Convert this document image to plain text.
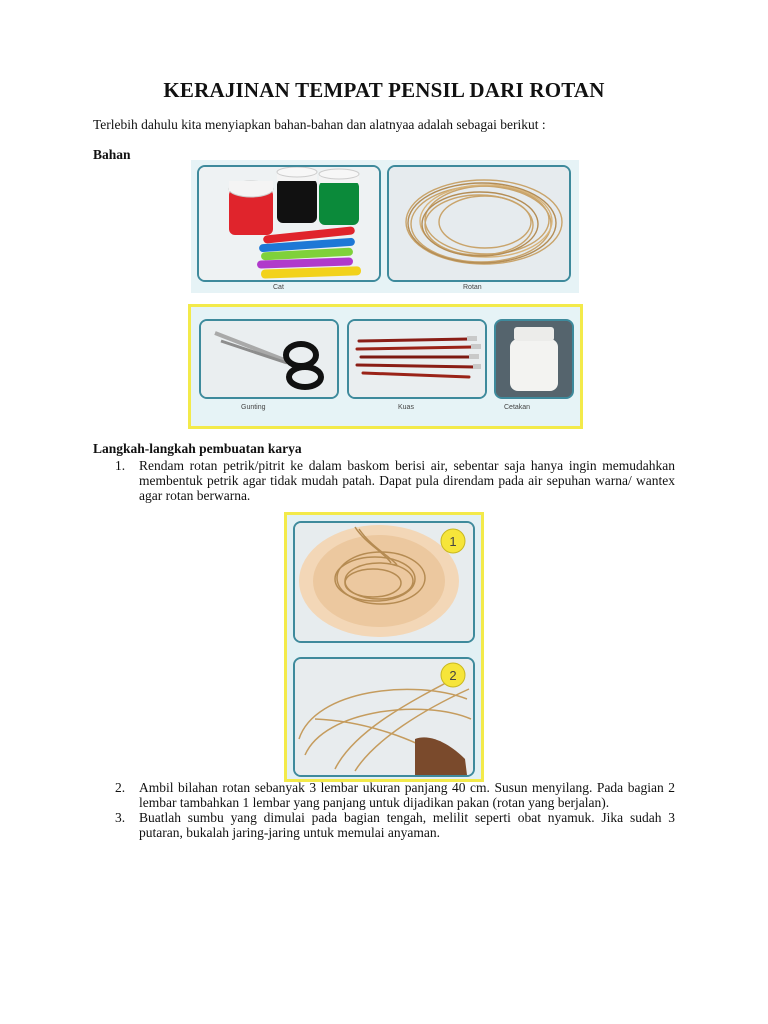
KERAJINAN TEMPAT PENSIL DARI ROTAN
Terlebih dahulu kita menyiapkan bahan-bahan dan alatnyaa adalah sebagai berikut :
Bahan
Cat	Rotan
Gunting	Kuas	Cetakan
Langkah-langkah pembuatan karya
1. Rendam rotan petrik/pitrit ke dalam baskom berisi air, sebentar saja hanya ingin memudahkan membentuk petrik agar tidak mudah patah. Dapat pula direndam pada air sepuhan warna/ wantex agar rotan berwarna.
1
2
2. Ambil bilahan rotan sebanyak 3 lembar ukuran panjang 40 cm. Susun menyilang. Pada bagian 2 lembar tambahkan 1 lembar yang panjang untuk dijadikan pakan (rotan yang berjalan).
3. Buatlah sumbu yang dimulai pada bagian tengah, melilit seperti obat nyamuk. Jika sudah 3 putaran, bukalah jaring-jaring untuk memulai anyaman.
